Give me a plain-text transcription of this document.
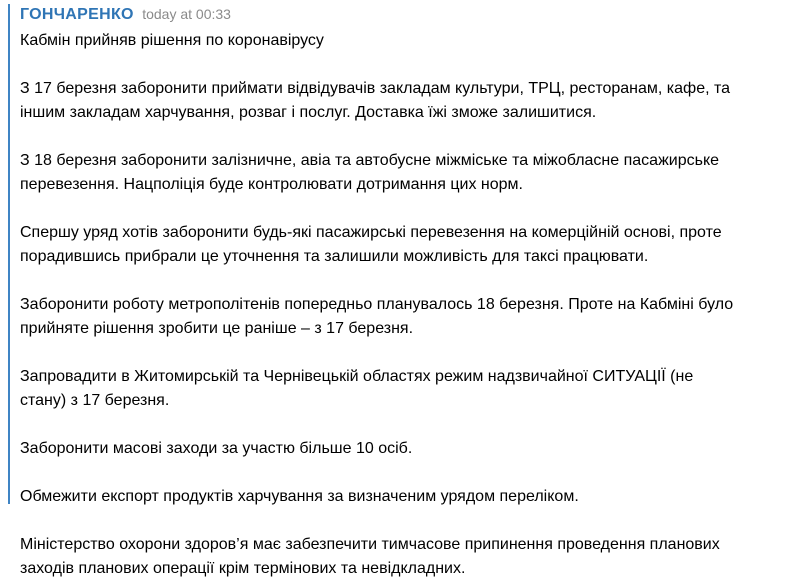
ГОНЧАРЕНКО today at 00:33

Кабмін прийняв рішення по коронавірусу

З 17 березня заборонити приймати відвідувачів закладам культури, ТРЦ, ресторанам, кафе, та
іншим закладам харчування, розваг і послуг. Доставка їжі зможе залишитися.

З 18 березня заборонити залізничне, авіа та автобусне міжміське та міжобласне пасажирське
перевезення. Нацполіція буде контролювати дотримання цих норм.

Спершу уряд хотів заборонити будь-які пасажирські перевезення на комерційній основі, проте
порадившись прибрали це уточнення та залишили можливість для таксі працювати.

Заборонити роботу метрополітенів попередньо планувалось 18 березня. Проте на Кабміні було
прийняте рішення зробити це раніше – з 17 березня.

Запровадити в Житомирській та Чернівецькій областях режим надзвичайної СИТУАЦІЇ (не
стану) з 17 березня.

Заборонити масові заходи за участю більше 10 осіб.

Обмежити експорт продуктів харчування за визначеним урядом переліком.

Міністерство охорони здоров’я має забезпечити тимчасове припинення проведення планових
заходів планових операції крім термінових та невідкладних.
